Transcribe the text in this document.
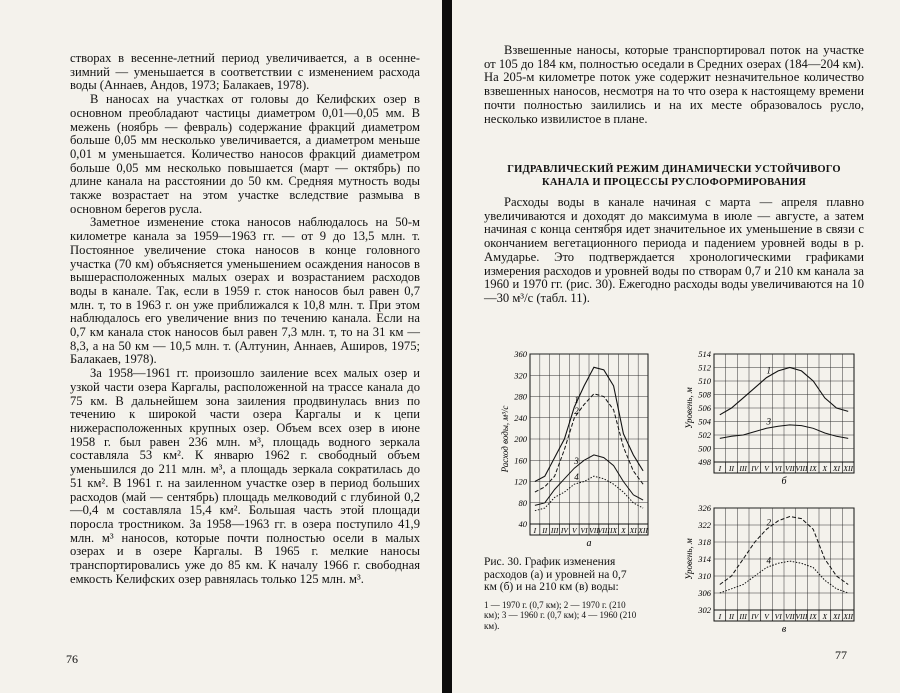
створах в весенне-летний период увеличивается, а в осенне-зимний — уменьшается в соответствии с изменением расхода воды (Аннаев, Андов, 1973; Балакаев, 1978).

В наносах на участках от головы до Келифских озер в основном преобладают частицы диаметром 0,01—0,05 мм. В межень (ноябрь — февраль) содержание фракций диаметром больше 0,05 мм несколько увеличивается, а диаметром меньше 0,01 м уменьшается. Количество наносов фракций диаметром больше 0,05 мм несколько повышается (март — октябрь) по длине канала на расстоянии до 50 км. Средняя мутность воды также возрастает на этом участке вследствие размыва в основном берегов русла.

Заметное изменение стока наносов наблюдалось на 50-м километре канала за 1959—1963 гг. — от 9 до 13,5 млн. т. Постоянное увеличение стока наносов в конце головного участка (70 км) объясняется уменьшением осаждения наносов в вышерасположенных малых озерах и возрастанием расходов воды в канале. Так, если в 1959 г. сток наносов был равен 0,7 млн. т, то в 1963 г. он уже приближался к 10,8 млн. т. При этом наблюдалось его увеличение вниз по течению канала. Если на 0,7 км канала сток наносов был равен 7,3 млн. т, то на 31 км — 8,3, а на 50 км — 10,5 млн. т. (Алтунин, Аннаев, Аширов, 1975; Балакаев, 1978).

За 1958—1961 гг. произошло заиление всех малых озер и узкой части озера Каргалы, расположенной на трассе канала до 75 км. В дальнейшем зона заиления продвинулась вниз по течению к широкой части озера Каргалы и к цепи нижерасположенных крупных озер. Объем всех озер в июне 1958 г. был равен 236 млн. м³, площадь водного зеркала составляла 53 км². К январю 1962 г. свободный объем уменьшился до 211 млн. м³, а площадь зеркала сократилась до 51 км². В 1961 г. на заиленном участке озер в период больших расходов (май — сентябрь) площадь мелководий с глубиной 0,2—0,4 м составляла 15,4 км². Большая часть этой площади поросла тростником. За 1958—1963 гг. в озера поступило 41,9 млн. м³ наносов, которые почти полностью осели в малых озерах и в озере Каргалы. В 1965 г. мелкие наносы транспортировались уже до 85 км. К началу 1966 г. свободная емкость Келифских озер равнялась только 125 млн. м³.

76

Взвешенные наносы, которые транспортировал поток на участке от 105 до 184 км, полностью оседали в Средних озерах (184—204 км). На 205-м километре поток уже содержит незначительное количество взвешенных наносов, несмотря на то что озера к настоящему времени почти полностью заилились и на их месте образовалось русло, несколько извилистое в плане.

ГИДРАВЛИЧЕСКИЙ РЕЖИМ ДИНАМИЧЕСКИ УСТОЙЧИВОГО КАНАЛА И ПРОЦЕССЫ РУСЛОФОРМИРОВАНИЯ

Расходы воды в канале начиная с марта — апреля плавно увеличиваются и доходят до максимума в июле — августе, а затем начиная с конца сентября идет значительное их уменьшение в связи с окончанием вегетационного периода и падением уровней воды в р. Амударье. Это подтверждается хронологическими графиками измерения расходов и уровней воды по створам 0,7 и 210 км канала за 1960 и 1970 гг. (рис. 30). Ежегодно расходы воды увеличиваются на 10—30 м³/с (табл. 11).

40
80
120
160
200
240
280
320
360
I II III IV V VI VII VIII IX X XI XII
Расход воды, м³/с
а
1
2
3
4
498
500
502
504
506
508
510
512
514
I II III IV V VI VII VIII IX X XI XII
Уровень, м
б
1
3
302
306
310
314
318
322
326
I II III IV V VI VII VIII IX X XI XII
Уровень, м
в
2
4
Рис. 30. График изменения расходов (а) и уровней на 0,7 км (б) и на 210 км (в) воды:
1 — 1970 г. (0,7 км); 2 — 1970 г. (210 км); 3 — 1960 г. (0,7 км); 4 — 1960 (210 км).
77
